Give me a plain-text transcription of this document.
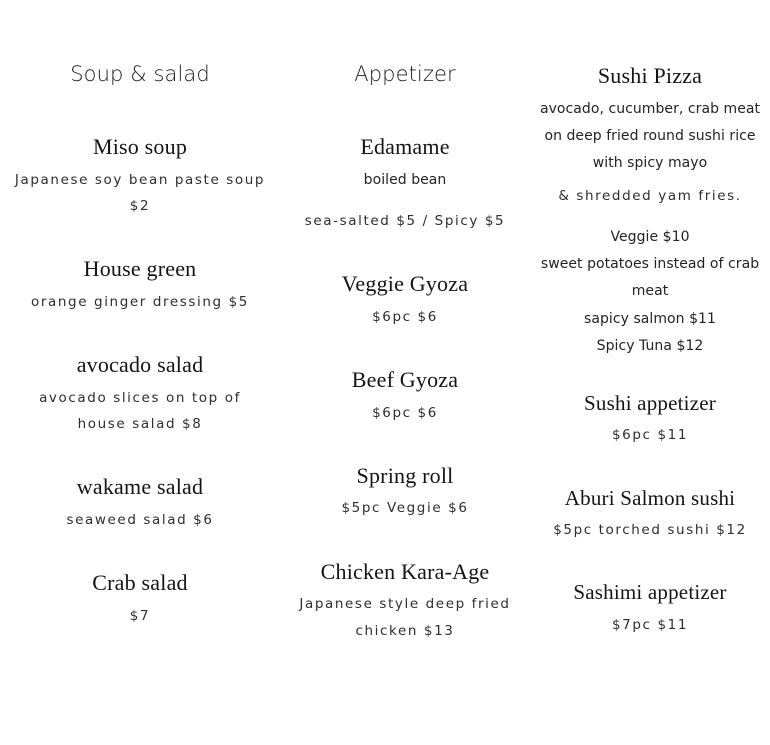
Soup & salad
Miso soup
Japanese soy bean paste soup $2
House green
orange ginger dressing $5
avocado salad
avocado slices on top of house salad $8
wakame salad
seaweed salad $6
Crab salad
$7
Appetizer
Edamame
boiled bean
sea-salted $5 / Spicy $5
Veggie Gyoza
$6pc $6
Beef Gyoza
$6pc $6
Spring roll
$5pc Veggie $6
Chicken Kara-Age
Japanese style deep fried chicken $13
Sushi Pizza
avocado, cucumber, crab meat on deep fried round sushi rice with spicy mayo
& shredded yam fries.
Veggie $10
sweet potatoes instead of crab meat
sapicy salmon $11
Spicy Tuna $12
Sushi appetizer
$6pc $11
Aburi Salmon sushi
$5pc torched sushi $12
Sashimi appetizer
$7pc $11
